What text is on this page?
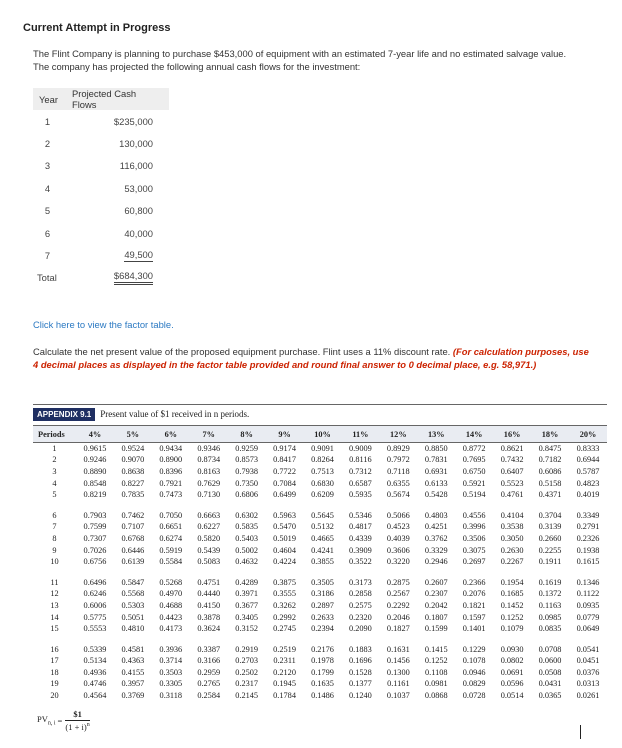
Current Attempt in Progress
The Flint Company is planning to purchase $453,000 of equipment with an estimated 7-year life and no estimated salvage value.
The company has projected the following annual cash flows for the investment:
Year	Projected Cash Flows
1	$235,000
2	130,000
3	116,000
4	53,000
5	60,800
6	40,000
7	49,500
Total	$684,300
Click here to view the factor table.
Calculate the net present value of the proposed equipment purchase. Flint uses a 11% discount rate. (For calculation purposes, use 4 decimal places as displayed in the factor table provided and round final answer to 0 decimal place, e.g. 58,971.)
APPENDIX 9.1	Present value of $1 received in n periods.
Periods	4%	5%	6%	7%	8%	9%	10%	11%	12%	13%	14%	16%	18%	20%
1	0.9615	0.9524	0.9434	0.9346	0.9259	0.9174	0.9091	0.9009	0.8929	0.8850	0.8772	0.8621	0.8475	0.8333
2	0.9246	0.9070	0.8900	0.8734	0.8573	0.8417	0.8264	0.8116	0.7972	0.7831	0.7695	0.7432	0.7182	0.6944
3	0.8890	0.8638	0.8396	0.8163	0.7938	0.7722	0.7513	0.7312	0.7118	0.6931	0.6750	0.6407	0.6086	0.5787
4	0.8548	0.8227	0.7921	0.7629	0.7350	0.7084	0.6830	0.6587	0.6355	0.6133	0.5921	0.5523	0.5158	0.4823
5	0.8219	0.7835	0.7473	0.7130	0.6806	0.6499	0.6209	0.5935	0.5674	0.5428	0.5194	0.4761	0.4371	0.4019

6	0.7903	0.7462	0.7050	0.6663	0.6302	0.5963	0.5645	0.5346	0.5066	0.4803	0.4556	0.4104	0.3704	0.3349
7	0.7599	0.7107	0.6651	0.6227	0.5835	0.5470	0.5132	0.4817	0.4523	0.4251	0.3996	0.3538	0.3139	0.2791
8	0.7307	0.6768	0.6274	0.5820	0.5403	0.5019	0.4665	0.4339	0.4039	0.3762	0.3506	0.3050	0.2660	0.2326
9	0.7026	0.6446	0.5919	0.5439	0.5002	0.4604	0.4241	0.3909	0.3606	0.3329	0.3075	0.2630	0.2255	0.1938
10	0.6756	0.6139	0.5584	0.5083	0.4632	0.4224	0.3855	0.3522	0.3220	0.2946	0.2697	0.2267	0.1911	0.1615

11	0.6496	0.5847	0.5268	0.4751	0.4289	0.3875	0.3505	0.3173	0.2875	0.2607	0.2366	0.1954	0.1619	0.1346
12	0.6246	0.5568	0.4970	0.4440	0.3971	0.3555	0.3186	0.2858	0.2567	0.2307	0.2076	0.1685	0.1372	0.1122
13	0.6006	0.5303	0.4688	0.4150	0.3677	0.3262	0.2897	0.2575	0.2292	0.2042	0.1821	0.1452	0.1163	0.0935
14	0.5775	0.5051	0.4423	0.3878	0.3405	0.2992	0.2633	0.2320	0.2046	0.1807	0.1597	0.1252	0.0985	0.0779
15	0.5553	0.4810	0.4173	0.3624	0.3152	0.2745	0.2394	0.2090	0.1827	0.1599	0.1401	0.1079	0.0835	0.0649

16	0.5339	0.4581	0.3936	0.3387	0.2919	0.2519	0.2176	0.1883	0.1631	0.1415	0.1229	0.0930	0.0708	0.0541
17	0.5134	0.4363	0.3714	0.3166	0.2703	0.2311	0.1978	0.1696	0.1456	0.1252	0.1078	0.0802	0.0600	0.0451
18	0.4936	0.4155	0.3503	0.2959	0.2502	0.2120	0.1799	0.1528	0.1300	0.1108	0.0946	0.0691	0.0508	0.0376
19	0.4746	0.3957	0.3305	0.2765	0.2317	0.1945	0.1635	0.1377	0.1161	0.0981	0.0829	0.0596	0.0431	0.0313
20	0.4564	0.3769	0.3118	0.2584	0.2145	0.1784	0.1486	0.1240	0.1037	0.0868	0.0728	0.0514	0.0365	0.0261
$PV_{n, i} = \frac{\$1}{(1 + i)^n}$
